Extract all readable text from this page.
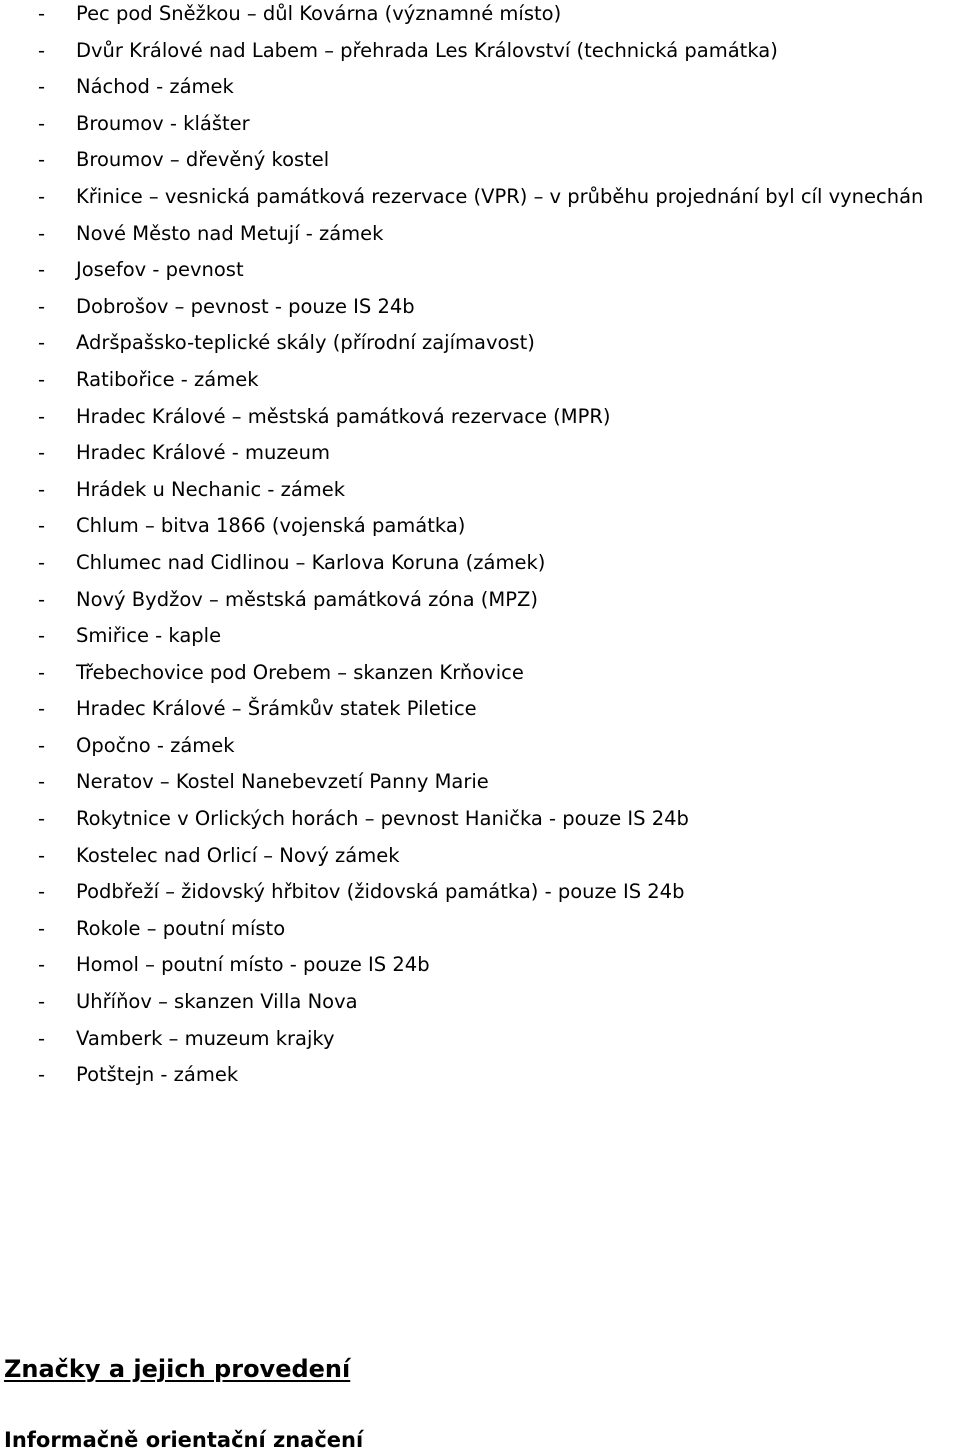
- Pec pod Sněžkou – důl Kovárna (významné místo)
- Dvůr Králové nad Labem – přehrada Les Království (technická památka)
- Náchod - zámek
- Broumov - klášter
- Broumov – dřevěný kostel
- Křinice – vesnická památková rezervace (VPR) – v průběhu projednání byl cíl vynechán
- Nové Město nad Metují - zámek
- Josefov - pevnost
- Dobrošov – pevnost - pouze IS 24b
- Adršpašsko-teplické skály (přírodní zajímavost)
- Ratibořice - zámek
- Hradec Králové – městská památková rezervace (MPR)
- Hradec Králové - muzeum
- Hrádek u Nechanic - zámek
- Chlum – bitva 1866 (vojenská památka)
- Chlumec nad Cidlinou – Karlova Koruna (zámek)
- Nový Bydžov – městská památková zóna (MPZ)
- Smiřice - kaple
- Třebechovice pod Orebem – skanzen Krňovice
- Hradec Králové – Šrámkův statek Piletice
- Opočno - zámek
- Neratov – Kostel Nanebevzetí Panny Marie
- Rokytnice v Orlických horách – pevnost Hanička - pouze IS 24b
- Kostelec nad Orlicí – Nový zámek
- Podbřeží – židovský hřbitov (židovská památka) - pouze IS 24b
- Rokole – poutní místo
- Homol – poutní místo - pouze IS 24b
- Uhříňov – skanzen Villa Nova
- Vamberk – muzeum krajky
- Potštejn - zámek
Značky a jejich provedení
Informačně orientační značení
